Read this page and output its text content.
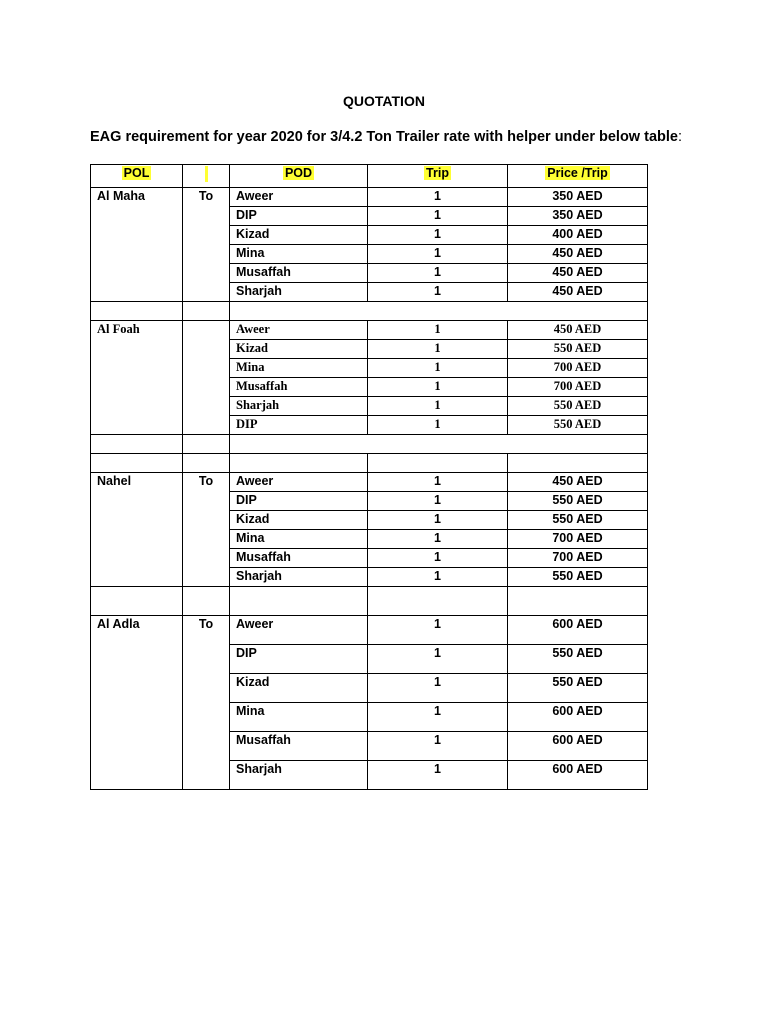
QUOTATION
EAG requirement for year 2020 for 3/4.2 Ton Trailer rate with helper under below table:
POL		POD	Trip	Price /Trip
Al Maha	To	Aweer	1	350 AED
		DIP	1	350 AED
		Kizad	1	400 AED
		Mina	1	450 AED
		Musaffah	1	450 AED
		Sharjah	1	450 AED

Al Foah		Aweer	1	450 AED
		Kizad	1	550 AED
		Mina	1	700 AED
		Musaffah	1	700 AED
		Sharjah	1	550 AED
		DIP	1	550 AED

Nahel	To	Aweer	1	450 AED
		DIP	1	550 AED
		Kizad	1	550 AED
		Mina	1	700 AED
		Musaffah	1	700 AED
		Sharjah	1	550 AED

Al Adla	To	Aweer	1	600 AED
		DIP	1	550 AED
		Kizad	1	550 AED
		Mina	1	600 AED
		Musaffah	1	600 AED
		Sharjah	1	600 AED
